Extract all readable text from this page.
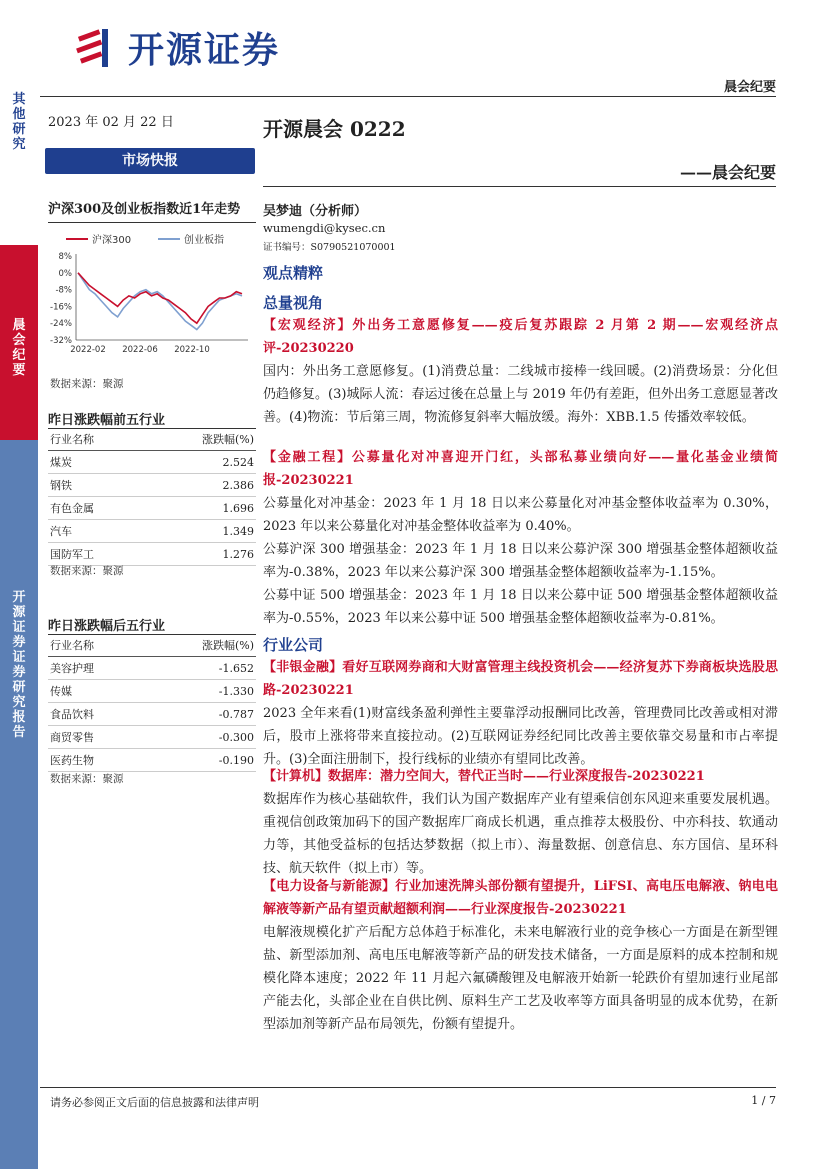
开源证券
晨会纪要
其
他
研
究
晨
会
纪
要
开
源
证
券
证
券
研
究
报
告
2023 年 02 月 22 日
市场快报
沪深300及创业板指数近1年走势
沪深300	创业板指
8%
0%
-8%
-16%
-24%
-32%
2022-02 2022-06 2022-10
数据来源：聚源
昨日涨跌幅前五行业
行业名称	涨跌幅(%)
煤炭	2.524
钢铁	2.386
有色金属	1.696
汽车	1.349
国防军工	1.276
数据来源：聚源
昨日涨跌幅后五行业
行业名称	涨跌幅(%)
美容护理	-1.652
传媒	-1.330
食品饮料	-0.787
商贸零售	-0.300
医药生物	-0.190
数据来源：聚源
开源晨会 0222
——晨会纪要
吴梦迪（分析师）
wumengdi@kysec.cn
证书编号：S0790521070001
观点精粹
总量视角
【宏观经济】外出务工意愿修复——疫后复苏跟踪 2 月第 2 期——宏观经济点评-20230220
国内：外出务工意愿修复。(1)消费总量：二线城市接棒一线回暖。(2)消费场景：分化但仍趋修复。(3)城际人流：春运过後在总量上与 2019 年仍有差距，但外出务工意愿显著改善。(4)物流：节后第三周，物流修复斜率大幅放缓。海外：XBB.1.5 传播效率较低。
【金融工程】公募量化对冲喜迎开门红，头部私募业绩向好——量化基金业绩简报-20230221
公募量化对冲基金：2023 年 1 月 18 日以来公募量化对冲基金整体收益率为 0.30%，2023 年以来公募量化对冲基金整体收益率为 0.40%。
公募沪深 300 增强基金：2023 年 1 月 18 日以来公募沪深 300 增强基金整体超额收益率为-0.38%，2023 年以来公募沪深 300 增强基金整体超额收益率为-1.15%。
公募中证 500 增强基金：2023 年 1 月 18 日以来公募中证 500 增强基金整体超额收益率为-0.55%，2023 年以来公募中证 500 增强基金整体超额收益率为-0.81%。
行业公司
【非银金融】看好互联网券商和大财富管理主线投资机会——经济复苏下券商板块选股思路-20230221
2023 全年来看(1)财富线条盈利弹性主要靠浮动报酬同比改善，管理费同比改善或相对滞后，股市上涨将带来直接拉动。(2)互联网证券经纪同比改善主要依靠交易量和市占率提升。(3)全面注册制下，投行线标的业绩亦有望同比改善。
【计算机】数据库：潜力空间大，替代正当时——行业深度报告-20230221
数据库作为核心基础软件，我们认为国产数据库产业有望乘信创东风迎来重要发展机遇。重视信创政策加码下的国产数据库厂商成长机遇，重点推荐太极股份、中亦科技、软通动力等，其他受益标的包括达梦数据（拟上市）、海量数据、创意信息、东方国信、星环科技、航天软件（拟上市）等。
【电力设备与新能源】行业加速洗牌头部份额有望提升，LiFSI、高电压电解液、钠电电解液等新产品有望贡献超额利润——行业深度报告-20230221
电解液规模化扩产后配方总体趋于标准化，未来电解液行业的竞争核心一方面是在新型锂盐、新型添加剂、高电压电解液等新产品的研发技术储备，一方面是原料的成本控制和规模化降本速度；2022 年 11 月起六氟磷酸锂及电解液开始新一轮跌价有望加速行业尾部产能去化，头部企业在自供比例、原料生产工艺及收率等方面具备明显的成本优势，在新型添加剂等新产品布局领先，份额有望提升。
请务必参阅正文后面的信息披露和法律声明	1 / 7
